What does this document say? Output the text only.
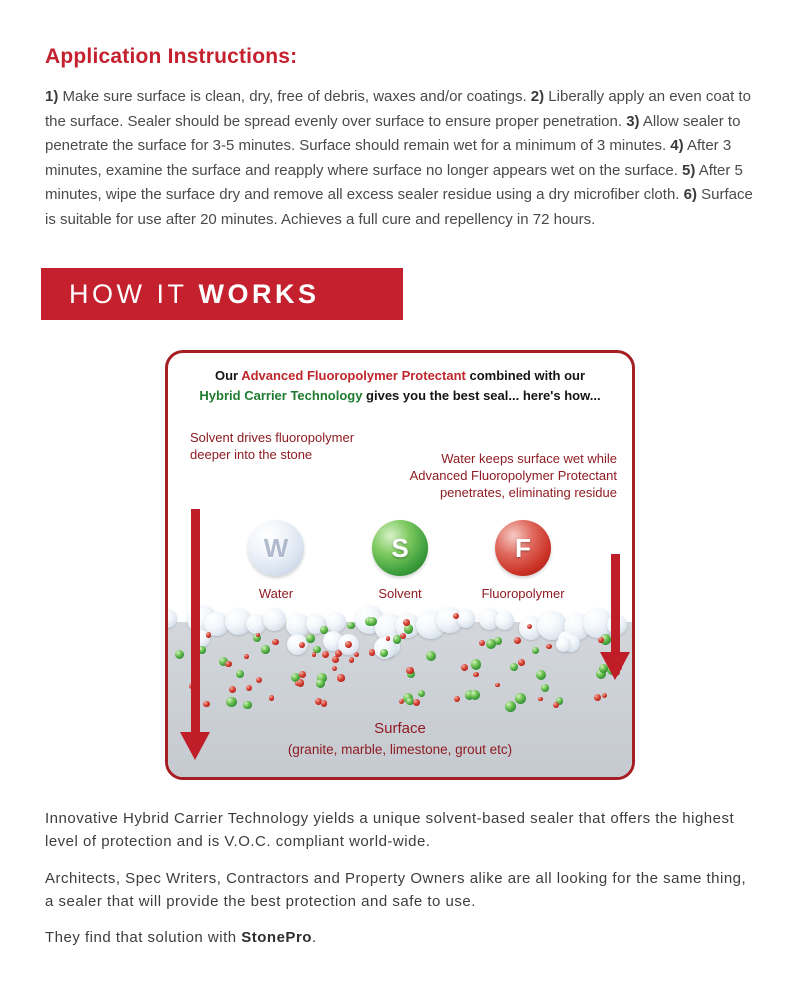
Application Instructions:

1) Make sure surface is clean, dry, free of debris, waxes and/or coatings. 2) Liberally apply an even coat to the surface. Sealer should be spread evenly over surface to ensure proper penetration. 3) Allow sealer to penetrate the surface for 3-5 minutes. Surface should remain wet for a minimum of 3 minutes. 4) After 3 minutes, examine the surface and reapply where surface no longer appears wet on the surface. 5) After 5 minutes, wipe the surface dry and remove all excess sealer residue using a dry microfiber cloth. 6) Surface is suitable for use after 20 minutes. Achieves a full cure and repellency in 72 hours.

HOW IT WORKS
Our Advanced Fluoropolymer Protectant combined with our
Hybrid Carrier Technology gives you the best seal... here's how...
Solvent drives fluoropolymer
deeper into the stone	Water keeps surface wet while
Advanced Fluoropolymer Protectant
penetrates, eliminating residue
Surface
(granite, marble, limestone, grout etc)
W	S	F
Water	Solvent	Fluoropolymer

Innovative Hybrid Carrier Technology yields a unique solvent-based sealer that offers the highest level of protection and is V.O.C. compliant world-wide.

Architects, Spec Writers, Contractors and Property Owners alike are all looking for the same thing, a sealer that will provide the best protection and safe to use.

They find that solution with StonePro.
